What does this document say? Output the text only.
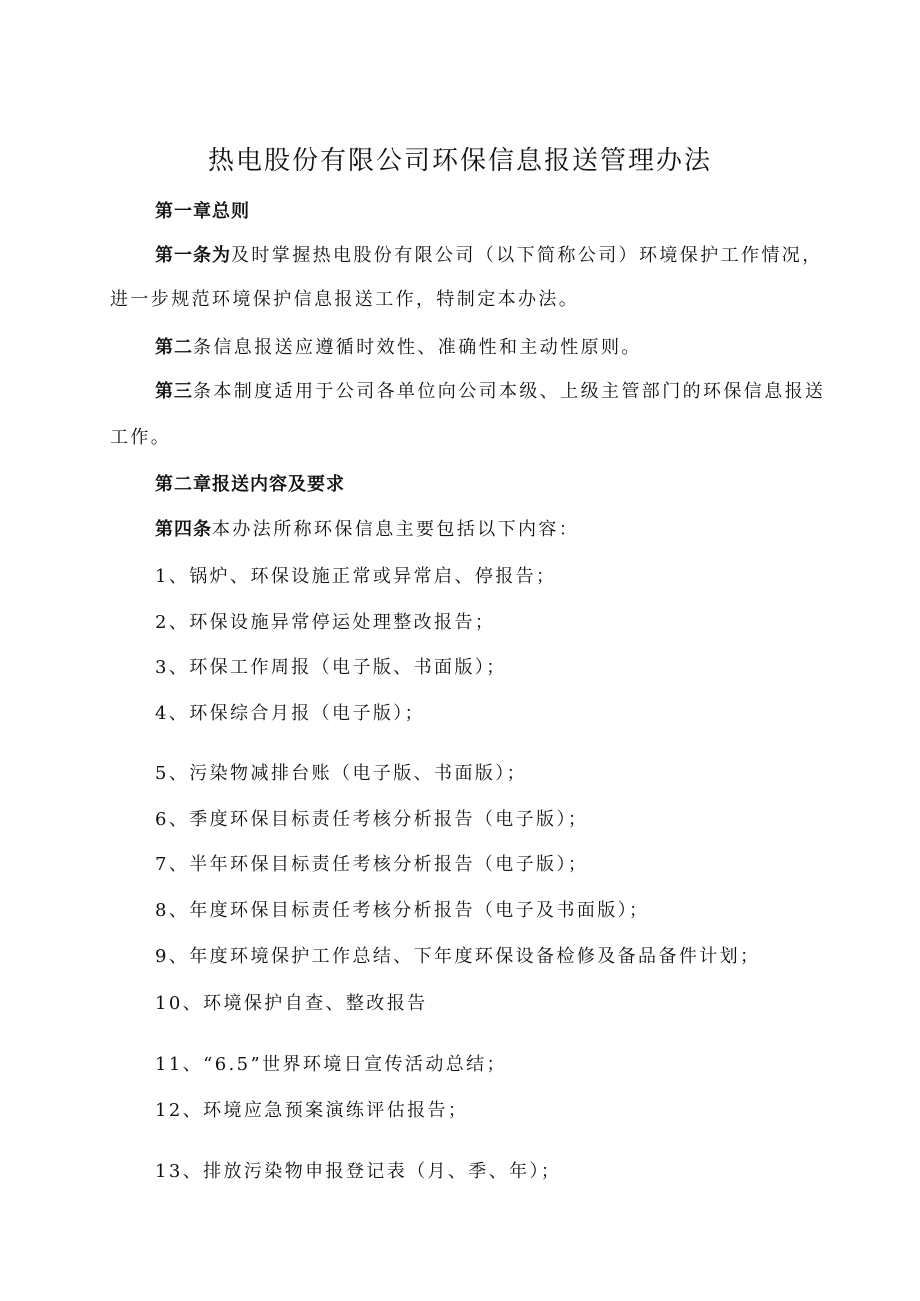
热电股份有限公司环保信息报送管理办法
第一章总则
第一条为及时掌握热电股份有限公司（以下简称公司）环境保护工作情况，
进一步规范环境保护信息报送工作，特制定本办法。
第二条信息报送应遵循时效性、准确性和主动性原则。
第三条本制度适用于公司各单位向公司本级、上级主管部门的环保信息报送
工作。
第二章报送内容及要求
第四条本办法所称环保信息主要包括以下内容：
1、锅炉、环保设施正常或异常启、停报告；
2、环保设施异常停运处理整改报告；
3、环保工作周报（电子版、书面版）；
4、环保综合月报（电子版）；
5、污染物减排台账（电子版、书面版）；
6、季度环保目标责任考核分析报告（电子版）；
7、半年环保目标责任考核分析报告（电子版）；
8、年度环保目标责任考核分析报告（电子及书面版）；
9、年度环境保护工作总结、下年度环保设备检修及备品备件计划；
10、环境保护自查、整改报告
11、“6.5”世界环境日宣传活动总结；
12、环境应急预案演练评估报告；
13、排放污染物申报登记表（月、季、年）；
